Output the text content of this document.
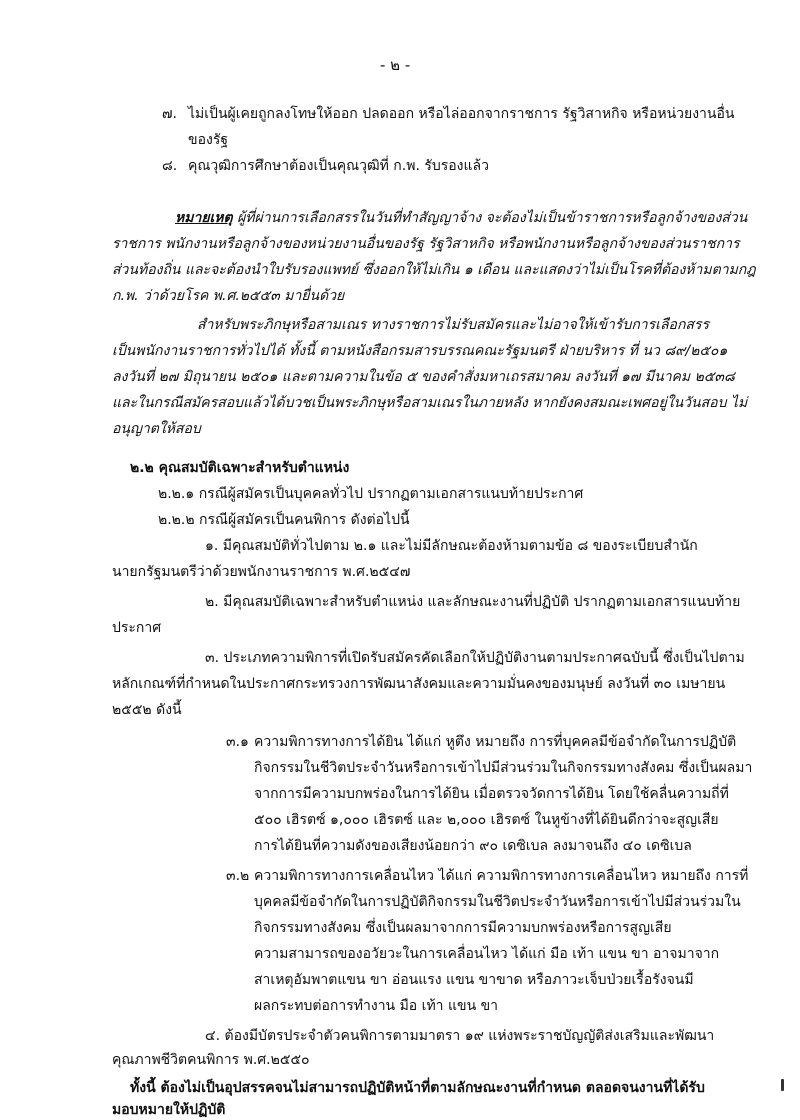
- ๒ -
๗. ไม่เป็นผู้เคยถูกลงโทษให้ออก ปลดออก หรือไล่ออกจากราชการ รัฐวิสาหกิจ หรือหน่วยงานอื่น
ของรัฐ
๘. คุณวุฒิการศึกษาต้องเป็นคุณวุฒิที่ ก.พ. รับรองแล้ว
หมายเหตุ ผู้ที่ผ่านการเลือกสรรในวันที่ทำสัญญาจ้าง จะต้องไม่เป็นข้าราชการหรือลูกจ้างของส่วน
ราชการ พนักงานหรือลูกจ้างของหน่วยงานอื่นของรัฐ รัฐวิสาหกิจ หรือพนักงานหรือลูกจ้างของส่วนราชการ
ส่วนท้องถิ่น และจะต้องนำใบรับรองแพทย์ ซึ่งออกให้ไม่เกิน ๑ เดือน และแสดงว่าไม่เป็นโรคที่ต้องห้ามตามกฎ
ก.พ. ว่าด้วยโรค พ.ศ.๒๕๕๓ มายื่นด้วย
สำหรับพระภิกษุหรือสามเณร ทางราชการไม่รับสมัครและไม่อาจให้เข้ารับการเลือกสรร
เป็นพนักงานราชการทั่วไปได้ ทั้งนี้ ตามหนังสือกรมสารบรรณคณะรัฐมนตรี ฝ่ายบริหาร ที่ นว ๘๙/๒๕๐๑
ลงวันที่ ๒๗ มิถุนายน ๒๕๐๑ และตามความในข้อ ๕ ของคำสั่งมหาเถรสมาคม ลงวันที่ ๑๗ มีนาคม ๒๕๓๘
และในกรณีสมัครสอบแล้วได้บวชเป็นพระภิกษุหรือสามเณรในภายหลัง หากยังคงสมณะเพศอยู่ในวันสอบ ไม่
อนุญาตให้สอบ
๒.๒ คุณสมบัติเฉพาะสำหรับตำแหน่ง
๒.๒.๑ กรณีผู้สมัครเป็นบุคคลทั่วไป ปรากฏตามเอกสารแนบท้ายประกาศ
๒.๒.๒ กรณีผู้สมัครเป็นคนพิการ ดังต่อไปนี้
๑. มีคุณสมบัติทั่วไปตาม ๒.๑ และไม่มีลักษณะต้องห้ามตามข้อ ๘ ของระเบียบสำนัก
นายกรัฐมนตรีว่าด้วยพนักงานราชการ พ.ศ.๒๕๔๗
๒. มีคุณสมบัติเฉพาะสำหรับตำแหน่ง และลักษณะงานที่ปฏิบัติ ปรากฏตามเอกสารแนบท้าย
ประกาศ
๓. ประเภทความพิการที่เปิดรับสมัครคัดเลือกให้ปฏิบัติงานตามประกาศฉบับนี้ ซึ่งเป็นไปตาม
หลักเกณฑ์ที่กำหนดในประกาศกระทรวงการพัฒนาสังคมและความมั่นคงของมนุษย์ ลงวันที่ ๓๐ เมษายน
๒๕๕๒ ดังนี้
๓.๑ ความพิการทางการได้ยิน ได้แก่ หูตึง หมายถึง การที่บุคคลมีข้อจำกัดในการปฏิบัติ
กิจกรรมในชีวิตประจำวันหรือการเข้าไปมีส่วนร่วมในกิจกรรมทางสังคม ซึ่งเป็นผลมา
จากการมีความบกพร่องในการได้ยิน เมื่อตรวจวัดการได้ยิน โดยใช้คลื่นความถี่ที่
๕๐๐ เฮิรตซ์ ๑,๐๐๐ เฮิรตซ์ และ ๒,๐๐๐ เฮิรตซ์ ในหูข้างที่ได้ยินดีกว่าจะสูญเสีย
การได้ยินที่ความดังของเสียงน้อยกว่า ๙๐ เดซิเบล ลงมาจนถึง ๔๐ เดซิเบล
๓.๒ ความพิการทางการเคลื่อนไหว ได้แก่ ความพิการทางการเคลื่อนไหว หมายถึง การที่
บุคคลมีข้อจำกัดในการปฏิบัติกิจกรรมในชีวิตประจำวันหรือการเข้าไปมีส่วนร่วมใน
กิจกรรมทางสังคม ซึ่งเป็นผลมาจากการมีความบกพร่องหรือการสูญเสีย
ความสามารถของอวัยวะในการเคลื่อนไหว ได้แก่ มือ เท้า แขน ขา อาจมาจาก
สาเหตุอัมพาตแขน ขา อ่อนแรง แขน ขาขาด หรือภาวะเจ็บป่วยเรื้อรังจนมี
ผลกระทบต่อการทำงาน มือ เท้า แขน ขา
๔. ต้องมีบัตรประจำตัวคนพิการตามมาตรา ๑๙ แห่งพระราชบัญญัติส่งเสริมและพัฒนา
คุณภาพชีวิตคนพิการ พ.ศ.๒๕๕๐
ทั้งนี้ ต้องไม่เป็นอุปสรรคจนไม่สามารถปฏิบัติหน้าที่ตามลักษณะงานที่กำหนด ตลอดจนงานที่ได้รับ
มอบหมายให้ปฏิบัติ
